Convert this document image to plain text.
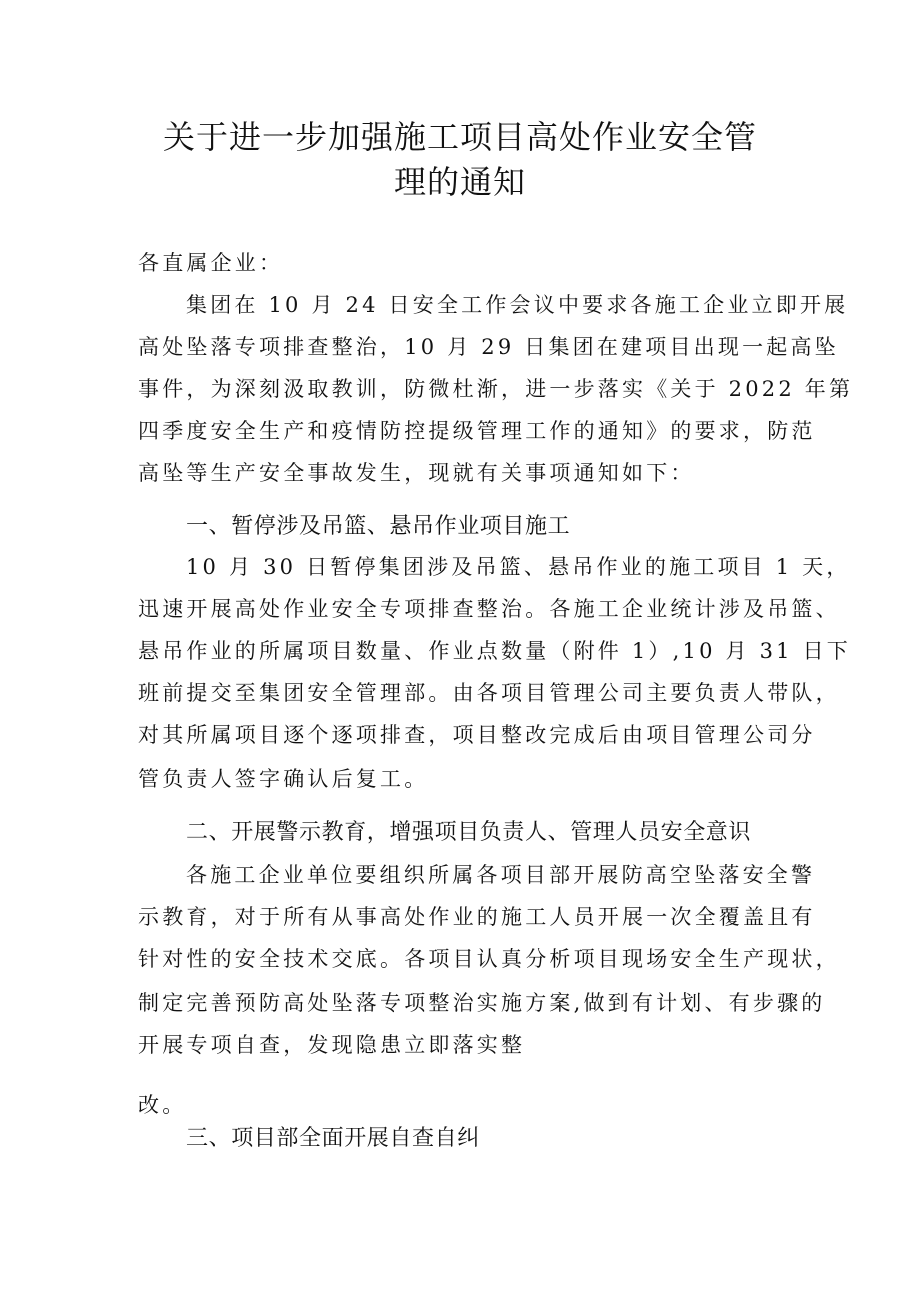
关于进一步加强施工项目高处作业安全管
理的通知
各直属企业：
集团在 10 月 24 日安全工作会议中要求各施工企业立即开展
高处坠落专项排查整治，10 月 29 日集团在建项目出现一起高坠
事件，为深刻汲取教训，防微杜渐，进一步落实《关于 2022 年第
四季度安全生产和疫情防控提级管理工作的通知》的要求，防范
高坠等生产安全事故发生，现就有关事项通知如下：
一、暂停涉及吊篮、悬吊作业项目施工
10 月 30 日暂停集团涉及吊篮、悬吊作业的施工项目 1 天，
迅速开展高处作业安全专项排查整治。各施工企业统计涉及吊篮、
悬吊作业的所属项目数量、作业点数量（附件 1）,10 月 31 日下
班前提交至集团安全管理部。由各项目管理公司主要负责人带队，
对其所属项目逐个逐项排查，项目整改完成后由项目管理公司分
管负责人签字确认后复工。
二、开展警示教育，增强项目负责人、管理人员安全意识
各施工企业单位要组织所属各项目部开展防高空坠落安全警
示教育，对于所有从事高处作业的施工人员开展一次全覆盖且有
针对性的安全技术交底。各项目认真分析项目现场安全生产现状，
制定完善预防高处坠落专项整治实施方案,做到有计划、有步骤的
开展专项自查，发现隐患立即落实整
改。
三、项目部全面开展自查自纠
